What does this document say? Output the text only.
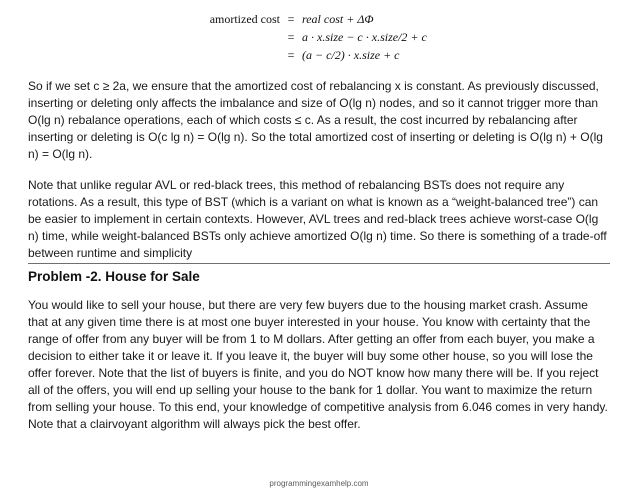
amortized cost = real cost + ΔΦ
= a · x.size − c · x.size/2 + c
= (a − c/2) · x.size + c

So if we set c ≥ 2a, we ensure that the amortized cost of rebalancing x is constant. As previously discussed, inserting or deleting only affects the imbalance and size of O(lg n) nodes, and so it cannot trigger more than O(lg n) rebalance operations, each of which costs ≤ c. As a result, the cost incurred by rebalancing after inserting or deleting is O(c lg n) = O(lg n). So the total amortized cost of inserting or deleting is O(lg n) + O(lg n) = O(lg n).

Note that unlike regular AVL or red-black trees, this method of rebalancing BSTs does not require any rotations. As a result, this type of BST (which is a variant on what is known as a “weight-balanced tree”) can be easier to implement in certain contexts. However, AVL trees and red-black trees achieve worst-case O(lg n) time, while weight-balanced BSTs only achieve amortized O(lg n) time. So there is something of a trade-off between runtime and simplicity

Problem -2. House for Sale

You would like to sell your house, but there are very few buyers due to the housing market crash. Assume that at any given time there is at most one buyer interested in your house. You know with certainty that the range of offer from any buyer will be from 1 to M dollars. After getting an offer from each buyer, you make a decision to either take it or leave it. If you leave it, the buyer will buy some other house, so you will lose the offer forever. Note that the list of buyers is finite, and you do NOT know how many there will be. If you reject all of the offers, you will end up selling your house to the bank for 1 dollar. You want to maximize the return from selling your house. To this end, your knowledge of competitive analysis from 6.046 comes in very handy. Note that a clairvoyant algorithm will always pick the best offer.

programmingexamhelp.com
